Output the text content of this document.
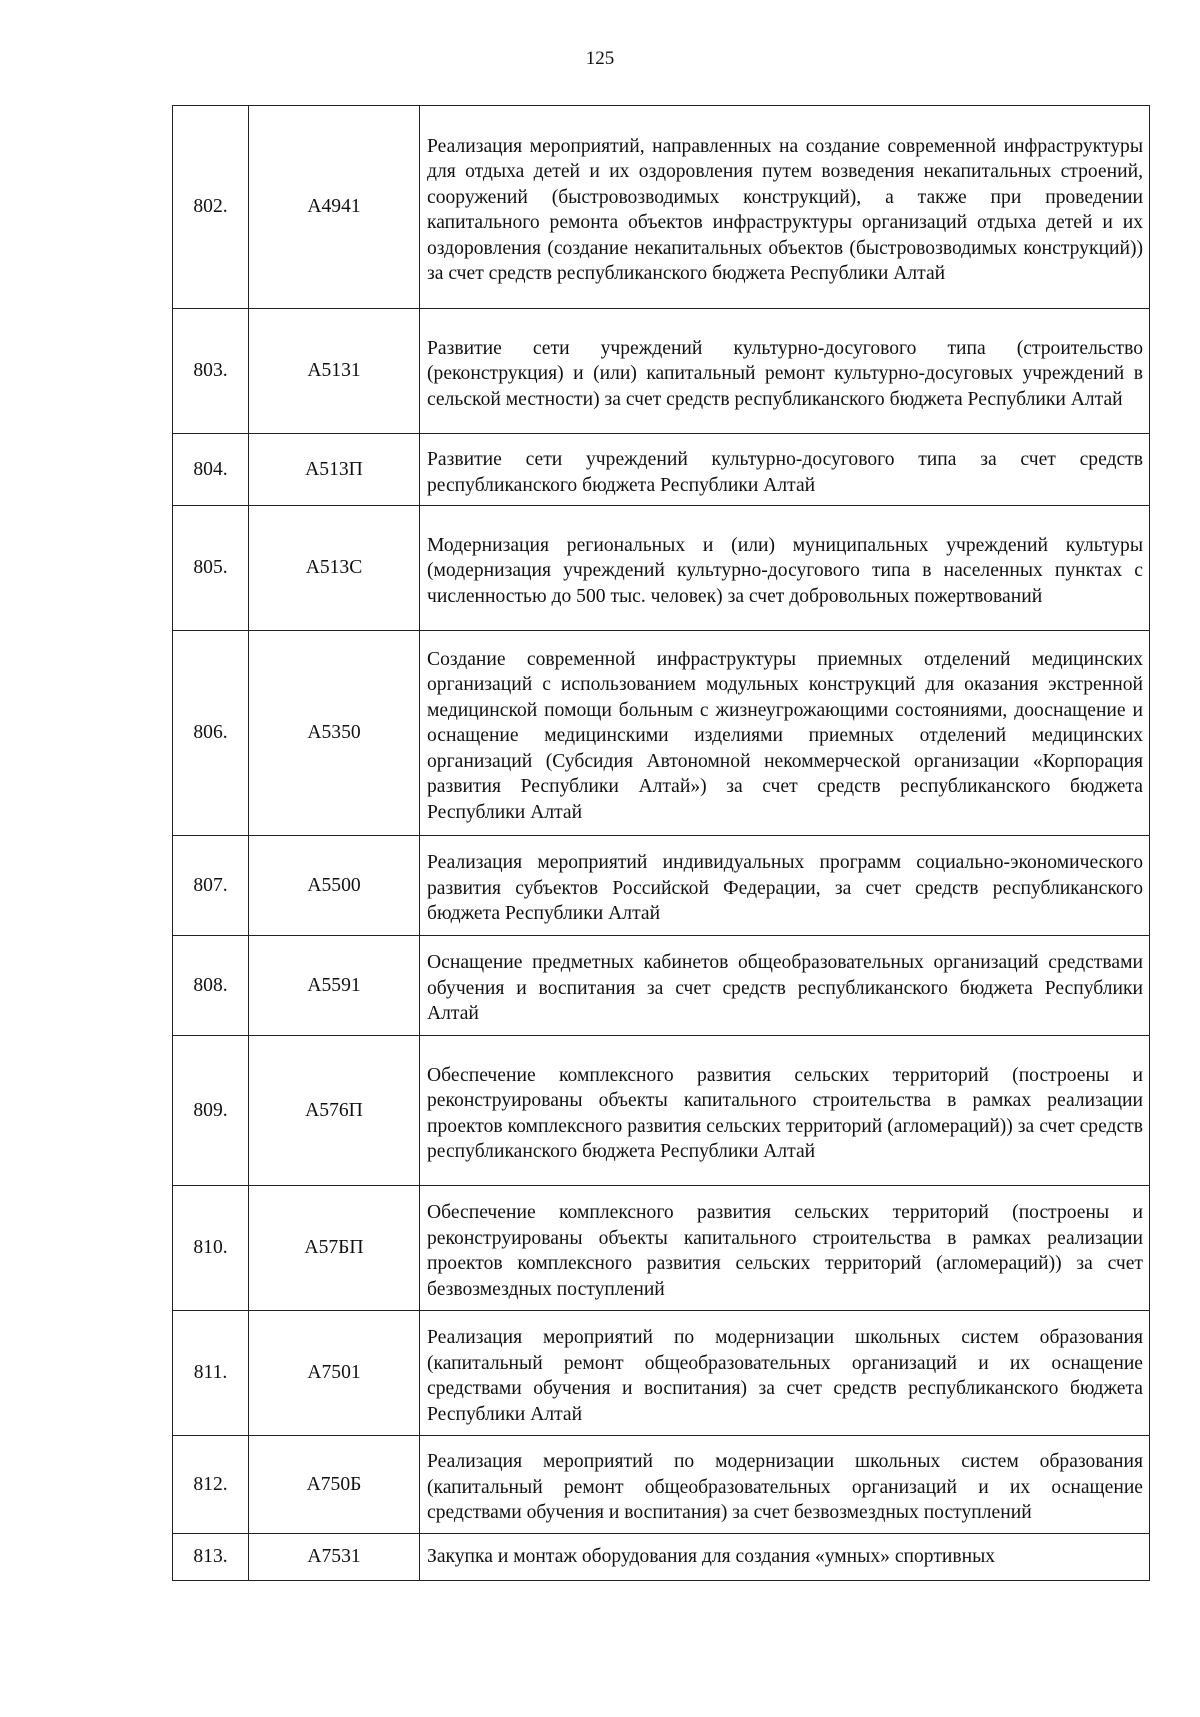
125
802.	A4941	Реализация мероприятий, направленных на создание современной инфраструктуры для отдыха детей и их оздоровления путем возведения некапитальных строений, сооружений (быстровозводимых конструкций), а также при проведении капитального ремонта объектов инфраструктуры организаций отдыха детей и их оздоровления (создание некапитальных объектов (быстровозводимых конструкций)) за счет средств республиканского бюджета Республики Алтай
803.	A5131	Развитие сети учреждений культурно-досугового типа (строительство (реконструкция) и (или) капитальный ремонт культурно-досуговых учреждений в сельской местности) за счет средств республиканского бюджета Республики Алтай
804.	A513П	Развитие сети учреждений культурно-досугового типа за счет средств республиканского бюджета Республики Алтай
805.	A513C	Модернизация региональных и (или) муниципальных учреждений культуры (модернизация учреждений культурно-досугового типа в населенных пунктах с численностью до 500 тыс. человек) за счет добровольных пожертвований
806.	A5350	Создание современной инфраструктуры приемных отделений медицинских организаций с использованием модульных конструкций для оказания экстренной медицинской помощи больным с жизнеугрожающими состояниями, дооснащение и оснащение медицинскими изделиями приемных отделений медицинских организаций (Субсидия Автономной некоммерческой организации «Корпорация развития Республики Алтай») за счет средств республиканского бюджета Республики Алтай
807.	A5500	Реализация мероприятий индивидуальных программ социально-экономического развития субъектов Российской Федерации, за счет средств республиканского бюджета Республики Алтай
808.	A5591	Оснащение предметных кабинетов общеобразовательных организаций средствами обучения и воспитания за счет средств республиканского бюджета Республики Алтай
809.	A576П	Обеспечение комплексного развития сельских территорий (построены и реконструированы объекты капитального строительства в рамках реализации проектов комплексного развития сельских территорий (агломераций)) за счет средств республиканского бюджета Республики Алтай
810.	A57БП	Обеспечение комплексного развития сельских территорий (построены и реконструированы объекты капитального строительства в рамках реализации проектов комплексного развития сельских территорий (агломераций)) за счет безвозмездных поступлений
811.	A7501	Реализация мероприятий по модернизации школьных систем образования (капитальный ремонт общеобразовательных организаций и их оснащение средствами обучения и воспитания) за счет средств республиканского бюджета Республики Алтай
812.	A750Б	Реализация мероприятий по модернизации школьных систем образования (капитальный ремонт общеобразовательных организаций и их оснащение средствами обучения и воспитания) за счет безвозмездных поступлений
813.	A7531	Закупка и монтаж оборудования для создания «умных» спортивных
